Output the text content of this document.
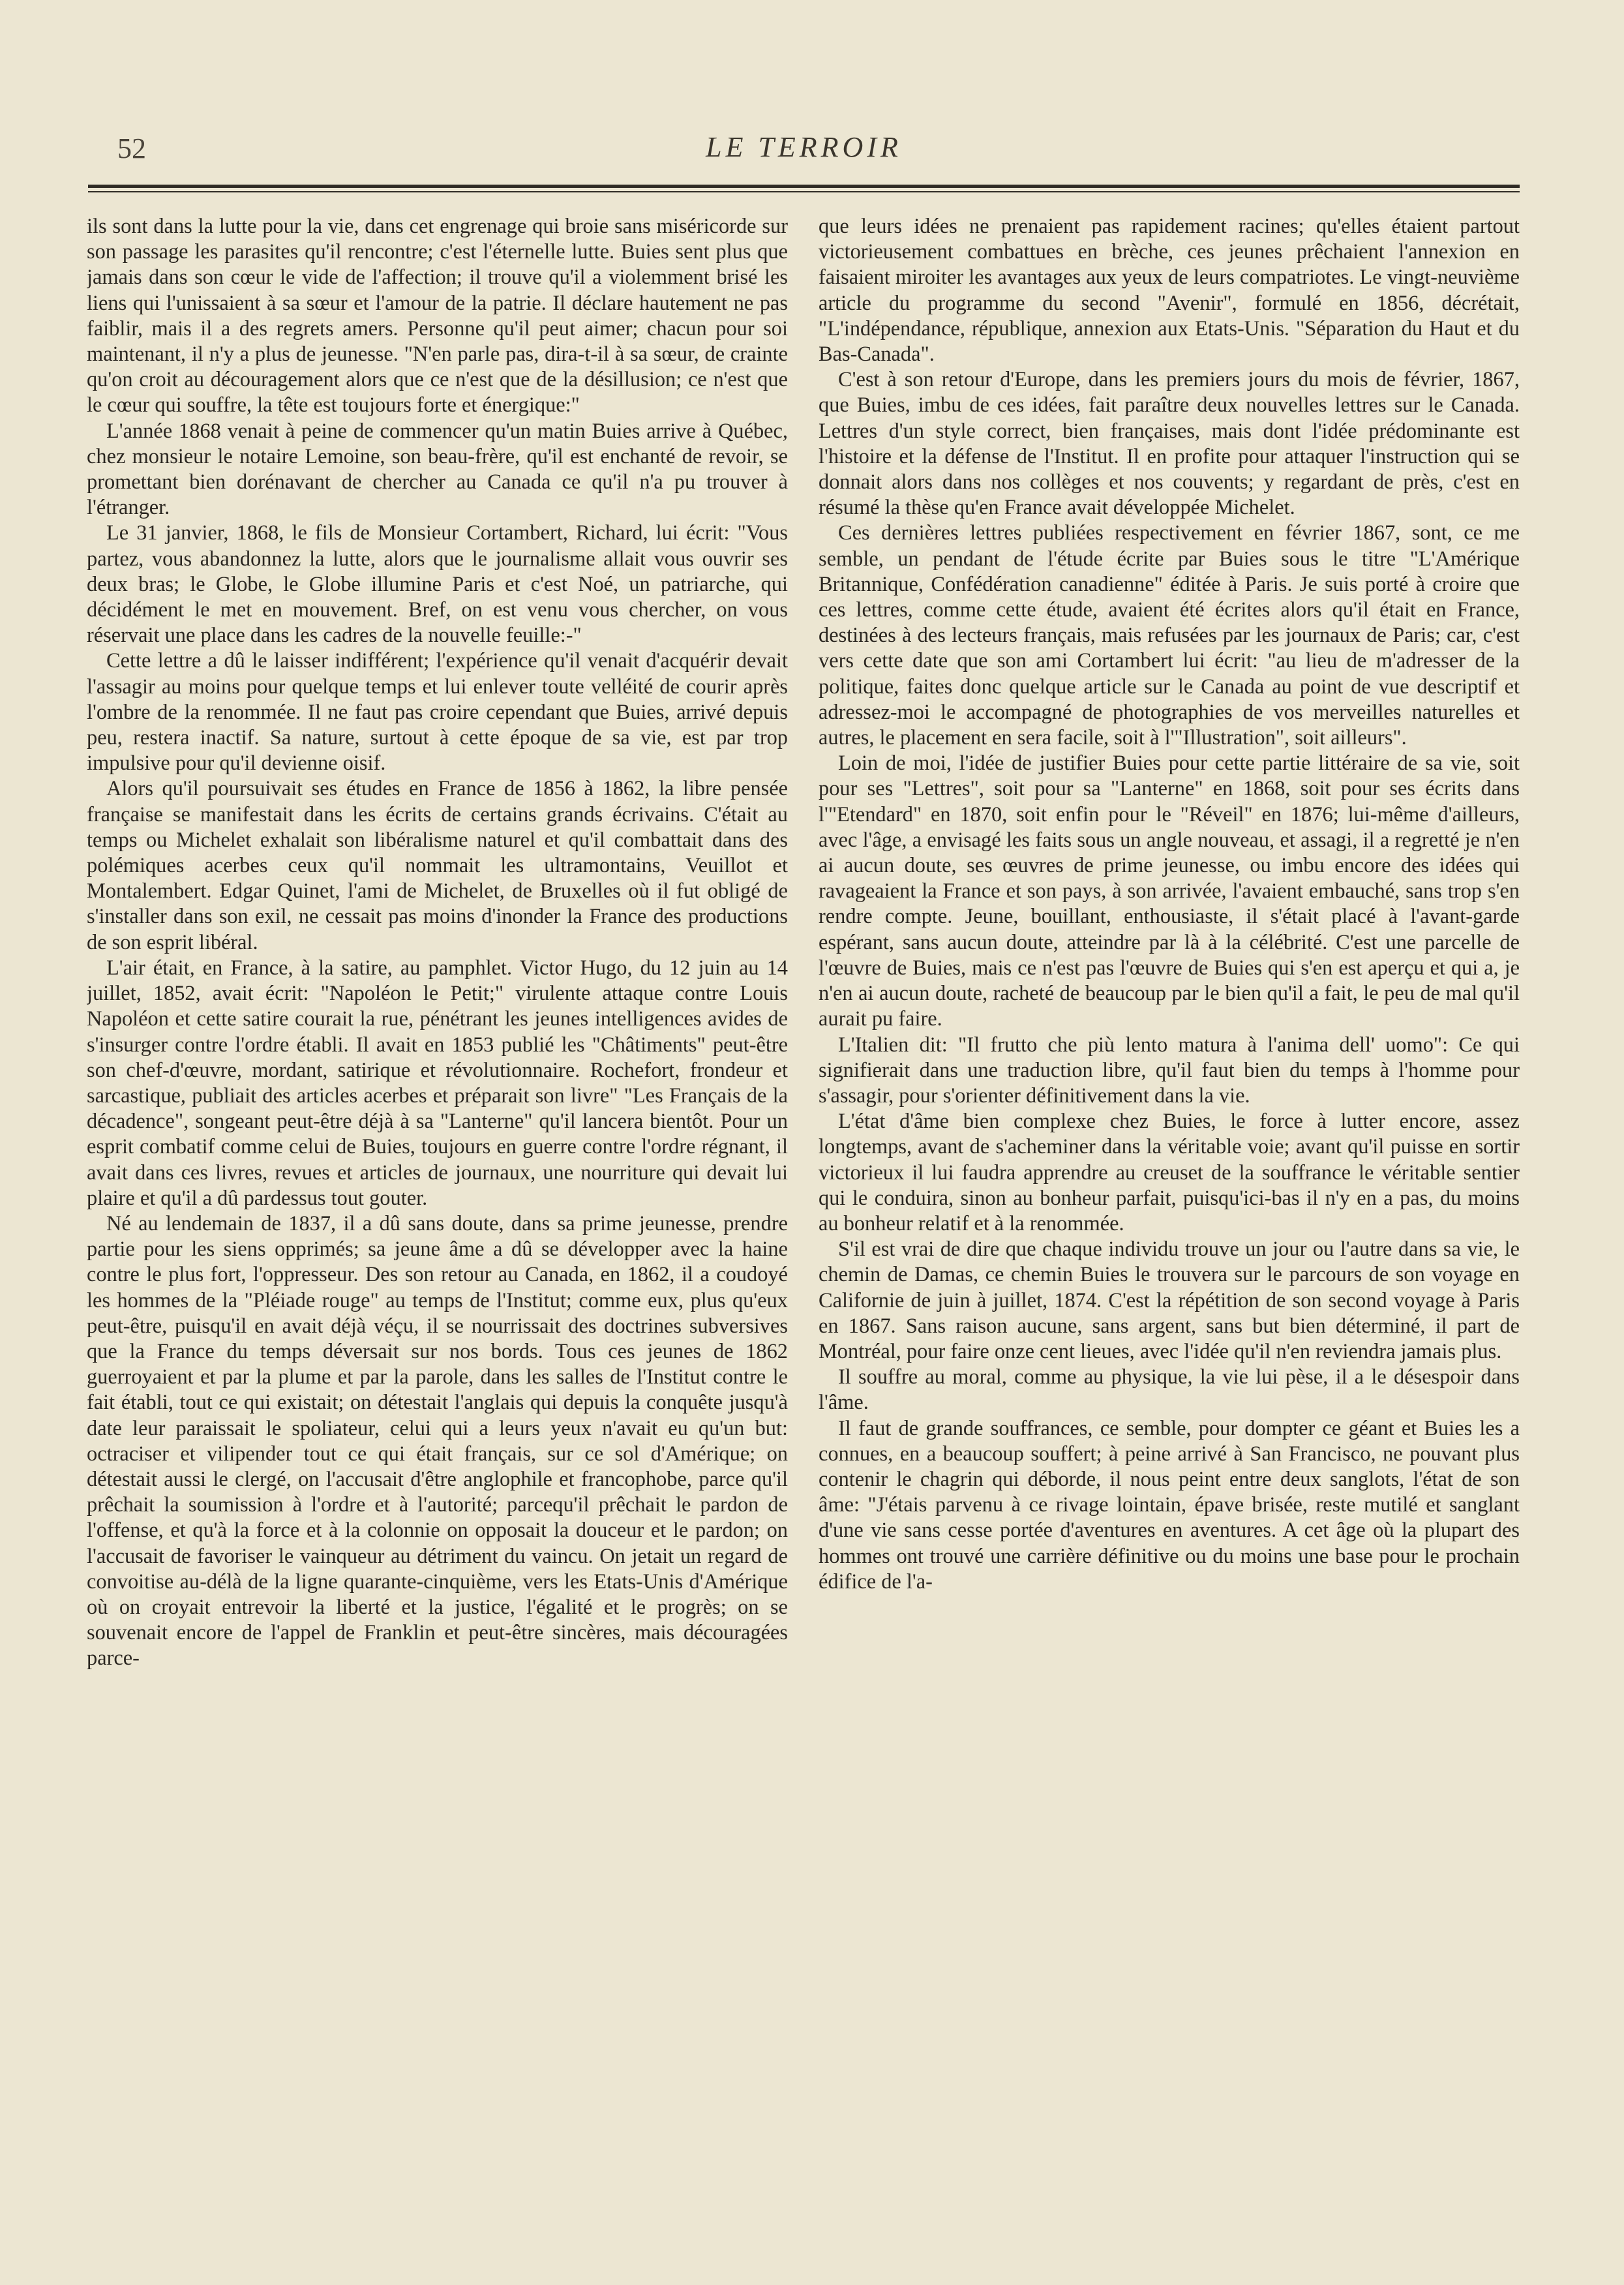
52	LE TERROIR

ils sont dans la lutte pour la vie, dans cet engrenage qui broie sans miséricorde sur son passage les parasites qu'il rencontre; c'est l'éternelle lutte. Buies sent plus que jamais dans son cœur le vide de l'affection; il trouve qu'il a violemment brisé les liens qui l'unissaient à sa sœur et l'amour de la patrie. Il déclare hautement ne pas faiblir, mais il a des regrets amers. Personne qu'il peut aimer; chacun pour soi maintenant, il n'y a plus de jeunesse. "N'en parle pas, dira-t-il à sa sœur, de crainte qu'on croit au découragement alors que ce n'est que de la désillusion; ce n'est que le cœur qui souffre, la tête est toujours forte et énergique:"

L'année 1868 venait à peine de commencer qu'un matin Buies arrive à Québec, chez monsieur le notaire Lemoine, son beau-frère, qu'il est enchanté de revoir, se promettant bien dorénavant de chercher au Canada ce qu'il n'a pu trouver à l'étranger.

Le 31 janvier, 1868, le fils de Monsieur Cortambert, Richard, lui écrit: "Vous partez, vous abandonnez la lutte, alors que le journalisme allait vous ouvrir ses deux bras; le Globe, le Globe illumine Paris et c'est Noé, un patriarche, qui décidément le met en mouvement. Bref, on est venu vous chercher, on vous réservait une place dans les cadres de la nouvelle feuille:-"

Cette lettre a dû le laisser indifférent; l'expérience qu'il venait d'acquérir devait l'assagir au moins pour quelque temps et lui enlever toute velléité de courir après l'ombre de la renommée. Il ne faut pas croire cependant que Buies, arrivé depuis peu, restera inactif. Sa nature, surtout à cette époque de sa vie, est par trop impulsive pour qu'il devienne oisif.

Alors qu'il poursuivait ses études en France de 1856 à 1862, la libre pensée française se manifestait dans les écrits de certains grands écrivains. C'était au temps ou Michelet exhalait son libéralisme naturel et qu'il combattait dans des polémiques acerbes ceux qu'il nommait les ultramontains, Veuillot et Montalembert. Edgar Quinet, l'ami de Michelet, de Bruxelles où il fut obligé de s'installer dans son exil, ne cessait pas moins d'inonder la France des productions de son esprit libéral.

L'air était, en France, à la satire, au pamphlet. Victor Hugo, du 12 juin au 14 juillet, 1852, avait écrit: "Napoléon le Petit;" virulente attaque contre Louis Napoléon et cette satire courait la rue, pénétrant les jeunes intelligences avides de s'insurger contre l'ordre établi. Il avait en 1853 publié les "Châtiments" peut-être son chef-d'œuvre, mordant, satirique et révolutionnaire. Rochefort, frondeur et sarcastique, publiait des articles acerbes et préparait son livre" "Les Français de la décadence", songeant peut-être déjà à sa "Lanterne" qu'il lancera bientôt. Pour un esprit combatif comme celui de Buies, toujours en guerre contre l'ordre régnant, il avait dans ces livres, revues et articles de journaux, une nourriture qui devait lui plaire et qu'il a dû pardessus tout gouter.

Né au lendemain de 1837, il a dû sans doute, dans sa prime jeunesse, prendre partie pour les siens opprimés; sa jeune âme a dû se développer avec la haine contre le plus fort, l'oppresseur. Des son retour au Canada, en 1862, il a coudoyé les hommes de la "Pléiade rouge" au temps de l'Institut; comme eux, plus qu'eux peut-être, puisqu'il en avait déjà véçu, il se nourrissait des doctrines subversives que la France du temps déversait sur nos bords. Tous ces jeunes de 1862 guerroyaient et par la plume et par la parole, dans les salles de l'Institut contre le fait établi, tout ce qui existait; on détestait l'anglais qui depuis la conquête jusqu'à date leur paraissait le spoliateur, celui qui a leurs yeux n'avait eu qu'un but: octraciser et vilipender tout ce qui était français, sur ce sol d'Amérique; on détestait aussi le clergé, on l'accusait d'être anglophile et francophobe, parce qu'il prêchait la soumission à l'ordre et à l'autorité; parcequ'il prêchait le pardon de l'offense, et qu'à la force et à la colonnie on opposait la douceur et le pardon; on l'accusait de favoriser le vainqueur au détriment du vaincu. On jetait un regard de convoitise au-délà de la ligne quarante-cinquième, vers les Etats-Unis d'Amérique où on croyait entrevoir la liberté et la justice, l'égalité et le progrès; on se souvenait encore de l'appel de Franklin et peut-être sincères, mais découragées parce-

que leurs idées ne prenaient pas rapidement racines; qu'elles étaient partout victorieusement combattues en brèche, ces jeunes prêchaient l'annexion en faisaient miroiter les avantages aux yeux de leurs compatriotes. Le vingt-neuvième article du programme du second "Avenir", formulé en 1856, décrétait, "L'indépendance, république, annexion aux Etats-Unis. "Séparation du Haut et du Bas-Canada".

C'est à son retour d'Europe, dans les premiers jours du mois de février, 1867, que Buies, imbu de ces idées, fait paraître deux nouvelles lettres sur le Canada. Lettres d'un style correct, bien françaises, mais dont l'idée prédominante est l'histoire et la défense de l'Institut. Il en profite pour attaquer l'instruction qui se donnait alors dans nos collèges et nos couvents; y regardant de près, c'est en résumé la thèse qu'en France avait développée Michelet.

Ces dernières lettres publiées respectivement en février 1867, sont, ce me semble, un pendant de l'étude écrite par Buies sous le titre "L'Amérique Britannique, Confédération canadienne" éditée à Paris. Je suis porté à croire que ces lettres, comme cette étude, avaient été écrites alors qu'il était en France, destinées à des lecteurs français, mais refusées par les journaux de Paris; car, c'est vers cette date que son ami Cortambert lui écrit: "au lieu de m'adresser de la politique, faites donc quelque article sur le Canada au point de vue descriptif et adressez-moi le accompagné de photographies de vos merveilles naturelles et autres, le placement en sera facile, soit à l'"Illustration", soit ailleurs".

Loin de moi, l'idée de justifier Buies pour cette partie littéraire de sa vie, soit pour ses "Lettres", soit pour sa "Lanterne" en 1868, soit pour ses écrits dans l'"Etendard" en 1870, soit enfin pour le "Réveil" en 1876; lui-même d'ailleurs, avec l'âge, a envisagé les faits sous un angle nouveau, et assagi, il a regretté je n'en ai aucun doute, ses œuvres de prime jeunesse, ou imbu encore des idées qui ravageaient la France et son pays, à son arrivée, l'avaient embauché, sans trop s'en rendre compte. Jeune, bouillant, enthousiaste, il s'était placé à l'avant-garde espérant, sans aucun doute, atteindre par là à la célébrité. C'est une parcelle de l'œuvre de Buies, mais ce n'est pas l'œuvre de Buies qui s'en est aperçu et qui a, je n'en ai aucun doute, racheté de beaucoup par le bien qu'il a fait, le peu de mal qu'il aurait pu faire.

L'Italien dit: "Il frutto che più lento matura à l'anima dell' uomo": Ce qui signifierait dans une traduction libre, qu'il faut bien du temps à l'homme pour s'assagir, pour s'orienter définitivement dans la vie.

L'état d'âme bien complexe chez Buies, le force à lutter encore, assez longtemps, avant de s'acheminer dans la véritable voie; avant qu'il puisse en sortir victorieux il lui faudra apprendre au creuset de la souffrance le véritable sentier qui le conduira, sinon au bonheur parfait, puisqu'ici-bas il n'y en a pas, du moins au bonheur relatif et à la renommée.

S'il est vrai de dire que chaque individu trouve un jour ou l'autre dans sa vie, le chemin de Damas, ce chemin Buies le trouvera sur le parcours de son voyage en Californie de juin à juillet, 1874. C'est la répétition de son second voyage à Paris en 1867. Sans raison aucune, sans argent, sans but bien déterminé, il part de Montréal, pour faire onze cent lieues, avec l'idée qu'il n'en reviendra jamais plus.

Il souffre au moral, comme au physique, la vie lui pèse, il a le désespoir dans l'âme.

Il faut de grande souffrances, ce semble, pour dompter ce géant et Buies les a connues, en a beaucoup souffert; à peine arrivé à San Francisco, ne pouvant plus contenir le chagrin qui déborde, il nous peint entre deux sanglots, l'état de son âme: "J'étais parvenu à ce rivage lointain, épave brisée, reste mutilé et sanglant d'une vie sans cesse portée d'aventures en aventures. A cet âge où la plupart des hommes ont trouvé une carrière définitive ou du moins une base pour le prochain édifice de l'a-
